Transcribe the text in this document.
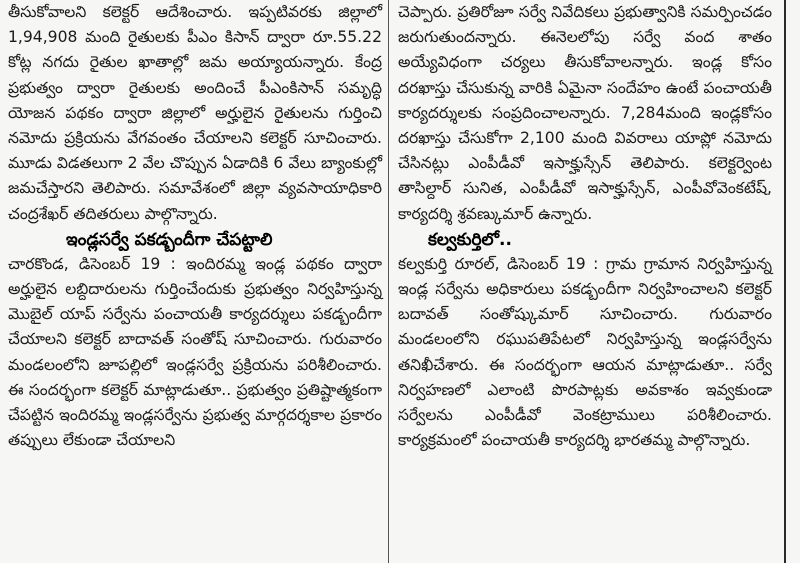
తీసుకోవాలని కలెక్టర్ ఆదేశించారు. ఇప్పటివరకు జిల్లాలో 1,94,908 మంది రైతులకు పీఎం కిసాన్ ద్వారా రూ.55.22 కోట్ల నగదు రైతుల ఖాతాల్లో జమ అయ్యాయన్నారు. కేంద్ర ప్రభుత్వం ద్వారా రైతులకు అందించే పీఎంకిసాన్ సమృద్ధి యోజన పథకం ద్వారా జిల్లాలో అర్హులైన రైతులను గుర్తించి నమోదు ప్రక్రియను వేగవంతం చేయాలని కలెక్టర్ సూచించారు. మూడు విడతలుగా 2 వేల చొప్పున ఏడాదికి 6 వేలు బ్యాంకుల్లో జమచేస్తారని తెలిపారు. సమావేశంలో జిల్లా వ్యవసాయాధికారి చంద్రశేఖర్ తదితరులు పాల్గొన్నారు.

ఇండ్లసర్వే పకడ్బందీగా చేపట్టాలి

చారకొండ, డిసెంబర్ 19 : ఇందిరమ్మ ఇండ్ల పథకం ద్వారా అర్హులైన లబ్దిదారులను గుర్తించేందుకు ప్రభుత్వం నిర్వహిస్తున్న మొబైల్ యాప్ సర్వేను పంచాయతీ కార్యదర్శులు పకడ్బందీగా చేయాలని కలెక్టర్ బాదావత్ సంతోష్ సూచించారు. గురువారం మండలంలోని జూపల్లిలో ఇండ్లసర్వే ప్రక్రియను పరిశీలించారు. ఈ సందర్భంగా కలెక్టర్ మాట్లాడుతూ.. ప్రభుత్వం ప్రతిష్టాత్మకంగా చేపట్టిన ఇందిరమ్మ ఇండ్లసర్వేను ప్రభుత్వ మార్గదర్శకాల ప్రకారం తప్పులు లేకుండా చేయాలని

చెప్పారు. ప్రతిరోజూ సర్వే నివేదికలు ప్రభుత్వానికి సమర్పించడం జరుగుతుందన్నారు. ఈనెలలోపు సర్వే వంద శాతం అయ్యేవిధంగా చర్యలు తీసుకోవాలన్నారు. ఇండ్ల కోసం దరఖాస్తు చేసుకున్న వారికి ఏమైనా సందేహం ఉంటే పంచాయతీ కార్యదర్శులకు సంప్రదించాలన్నారు. 7,284మంది ఇండ్లకోసం దరఖాస్తు చేసుకోగా 2,100 మంది వివరాలు యాప్లో నమోదు చేసినట్లు ఎంపీడీవో ఇసాక్హుస్సేన్ తెలిపారు. కలెక్టర్వెంట తాసిల్దార్ సునిత, ఎంపీడీవో ఇసాక్హుస్సేన్, ఎంపీవోవెంకటేష్, కార్యదర్శి శ్రవణ్కుమార్ ఉన్నారు.

కల్వకుర్తిలో..

కల్వకుర్తి రూరల్, డిసెంబర్ 19 : గ్రామ గ్రామాన నిర్వహిస్తున్న ఇండ్ల సర్వేను అధికారులు పకడ్బందీగా నిర్వహించాలని కలెక్టర్ బదావత్ సంతోష్కుమార్ సూచించారు. గురువారం మండలంలోని రఘుపతిపేటలో నిర్వహిస్తున్న ఇండ్లసర్వేను తనిఖీచేశారు. ఈ సందర్భంగా ఆయన మాట్లాడుతూ.. సర్వే నిర్వహణలో ఎలాంటి పొరపాట్లకు అవకాశం ఇవ్వకుండా సర్వేలను ఎంపీడీవో వెంకట్రాములు పరిశీలించారు. కార్యక్రమంలో పంచాయతీ కార్యదర్శి భారతమ్మ పాల్గొన్నారు.
